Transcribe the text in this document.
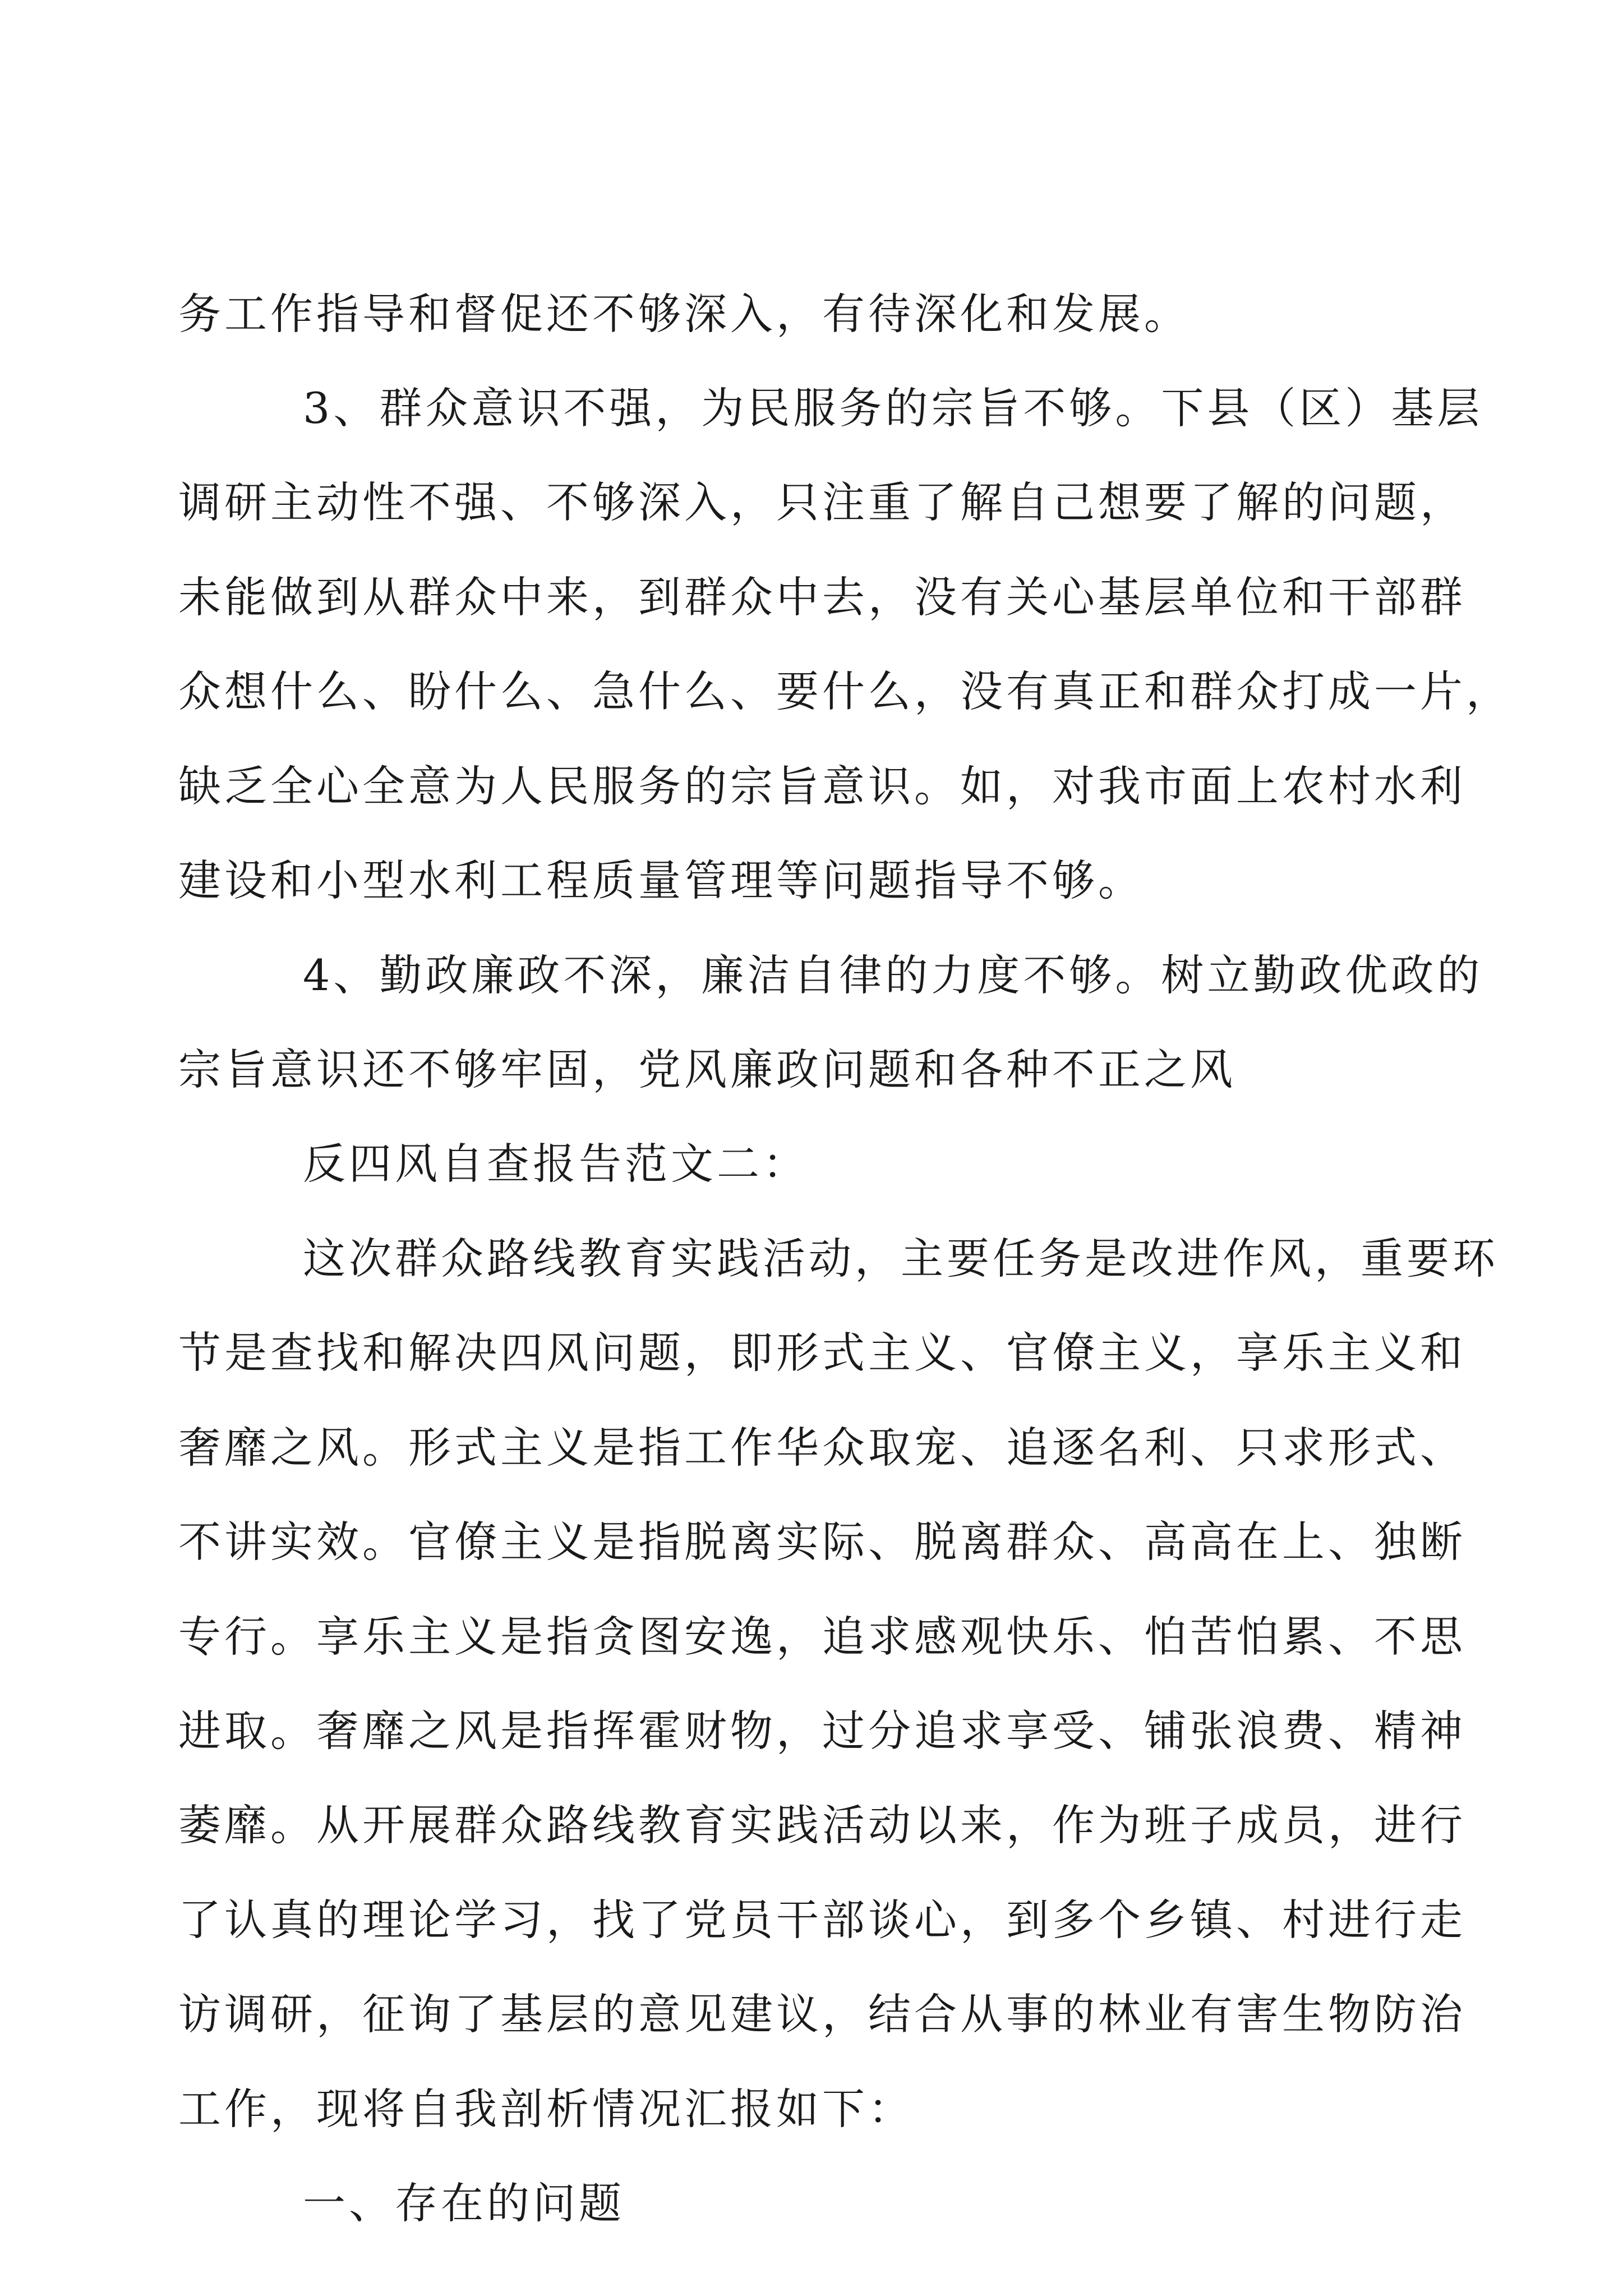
务工作指导和督促还不够深入，有待深化和发展。

3、群众意识不强，为民服务的宗旨不够。下县（区）基层

调研主动性不强、不够深入，只注重了解自己想要了解的问题，

未能做到从群众中来，到群众中去，没有关心基层单位和干部群

众想什么、盼什么、急什么、要什么，没有真正和群众打成一片，

缺乏全心全意为人民服务的宗旨意识。如，对我市面上农村水利

建设和小型水利工程质量管理等问题指导不够。

4、勤政廉政不深，廉洁自律的力度不够。树立勤政优政的

宗旨意识还不够牢固，党风廉政问题和各种不正之风

反四风自查报告范文二：

这次群众路线教育实践活动，主要任务是改进作风，重要环

节是查找和解决四风问题，即形式主义、官僚主义，享乐主义和

奢靡之风。形式主义是指工作华众取宠、追逐名利、只求形式、

不讲实效。官僚主义是指脱离实际、脱离群众、高高在上、独断

专行。享乐主义是指贪图安逸，追求感观快乐、怕苦怕累、不思

进取。奢靡之风是指挥霍财物，过分追求享受、铺张浪费、精神

萎靡。从开展群众路线教育实践活动以来，作为班子成员，进行

了认真的理论学习，找了党员干部谈心，到多个乡镇、村进行走

访调研，征询了基层的意见建议，结合从事的林业有害生物防治

工作，现将自我剖析情况汇报如下：

一、存在的问题
